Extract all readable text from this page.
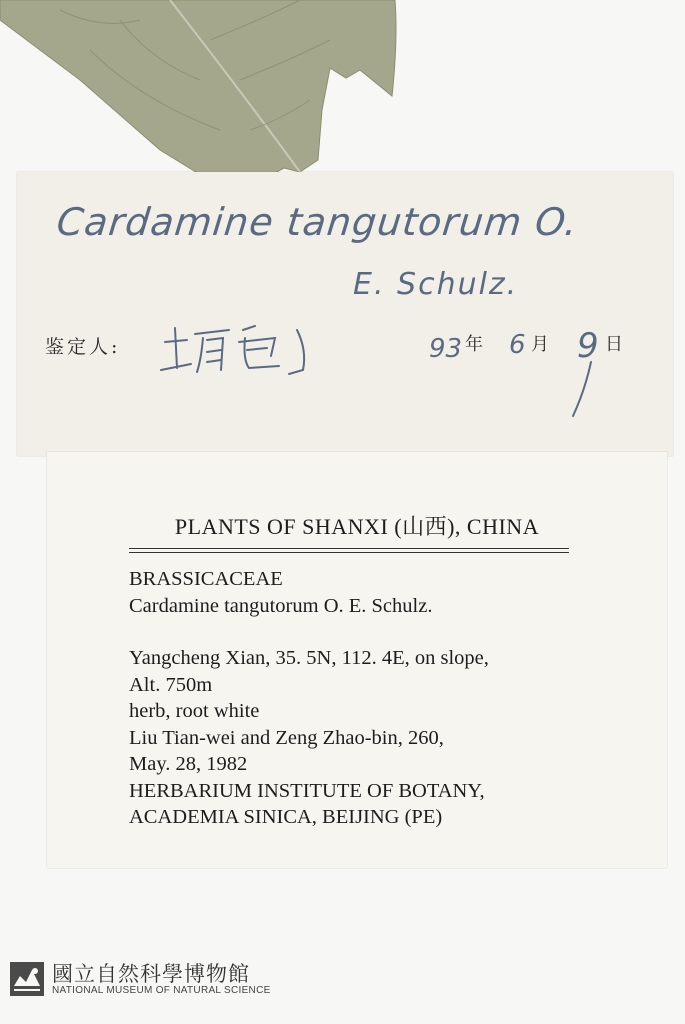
Cardamine tangutorum O.
E. Schulz.
鉴定人:	93 年 6 月 9 日
PLANTS OF SHANXI (山西), CHINA
BRASSICACEAE
Cardamine tangutorum O. E. Schulz.
Yangcheng Xian, 35. 5N, 112. 4E, on slope,
Alt. 750m
herb, root white
Liu Tian-wei and Zeng Zhao-bin, 260,
May. 28, 1982
HERBARIUM INSTITUTE OF BOTANY,
ACADEMIA SINICA, BEIJING (PE)
國立自然科學博物館
NATIONAL MUSEUM OF NATURAL SCIENCE
